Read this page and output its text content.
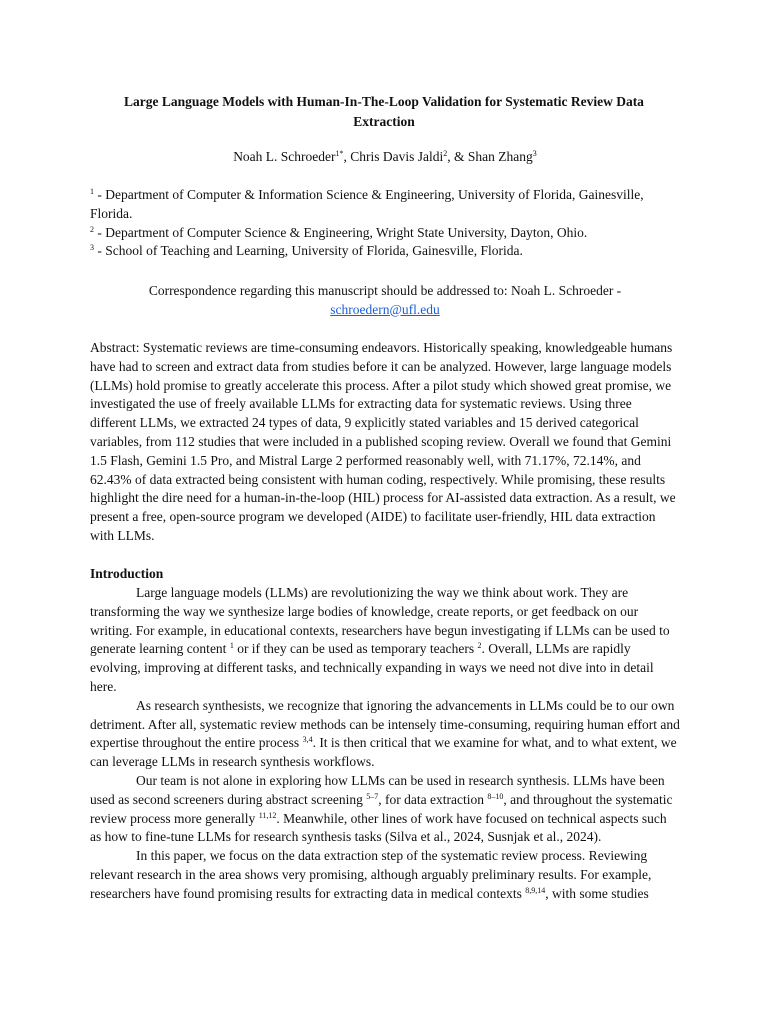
Large Language Models with Human-In-The-Loop Validation for Systematic Review Data Extraction
Noah L. Schroeder$^{1*}$, Chris Davis Jaldi$^2$, & Shan Zhang$^3$

$^1$ - Department of Computer & Information Science & Engineering, University of Florida, Gainesville, Florida.

$^2$ - Department of Computer Science & Engineering, Wright State University, Dayton, Ohio.

$^3$ - School of Teaching and Learning, University of Florida, Gainesville, Florida.

Correspondence regarding this manuscript should be addressed to: Noah L. Schroeder -

schroedern@ufl.edu

Abstract: Systematic reviews are time-consuming endeavors. Historically speaking, knowledgeable humans have had to screen and extract data from studies before it can be analyzed. However, large language models (LLMs) hold promise to greatly accelerate this process. After a pilot study which showed great promise, we investigated the use of freely available LLMs for extracting data for systematic reviews. Using three different LLMs, we extracted 24 types of data, 9 explicitly stated variables and 15 derived categorical variables, from 112 studies that were included in a published scoping review. Overall we found that Gemini 1.5 Flash, Gemini 1.5 Pro, and Mistral Large 2 performed reasonably well, with 71.17%, 72.14%, and 62.43% of data extracted being consistent with human coding, respectively. While promising, these results highlight the dire need for a human-in-the-loop (HIL) process for AI-assisted data extraction. As a result, we present a free, open-source program we developed (AIDE) to facilitate user-friendly, HIL data extraction with LLMs.

Introduction

Large language models (LLMs) are revolutionizing the way we think about work. They are transforming the way we synthesize large bodies of knowledge, create reports, or get feedback on our writing. For example, in educational contexts, researchers have begun investigating if LLMs can be used to generate learning content $^1$ or if they can be used as temporary teachers $^2$. Overall, LLMs are rapidly evolving, improving at different tasks, and technically expanding in ways we need not dive into in detail here.

As research synthesists, we recognize that ignoring the advancements in LLMs could be to our own detriment. After all, systematic review methods can be intensely time-consuming, requiring human effort and expertise throughout the entire process $^{3,4}$. It is then critical that we examine for what, and to what extent, we can leverage LLMs in research synthesis workflows.

Our team is not alone in exploring how LLMs can be used in research synthesis. LLMs have been used as second screeners during abstract screening $^{5-7}$, for data extraction $^{8-10}$, and throughout the systematic review process more generally $^{11,12}$. Meanwhile, other lines of work have focused on technical aspects such as how to fine-tune LLMs for research synthesis tasks (Silva et al., 2024, Susnjak et al., 2024).

In this paper, we focus on the data extraction step of the systematic review process. Reviewing relevant research in the area shows very promising, although arguably preliminary results. For example, researchers have found promising results for extracting data in medical contexts $^{8,9,14}$, with some studies
